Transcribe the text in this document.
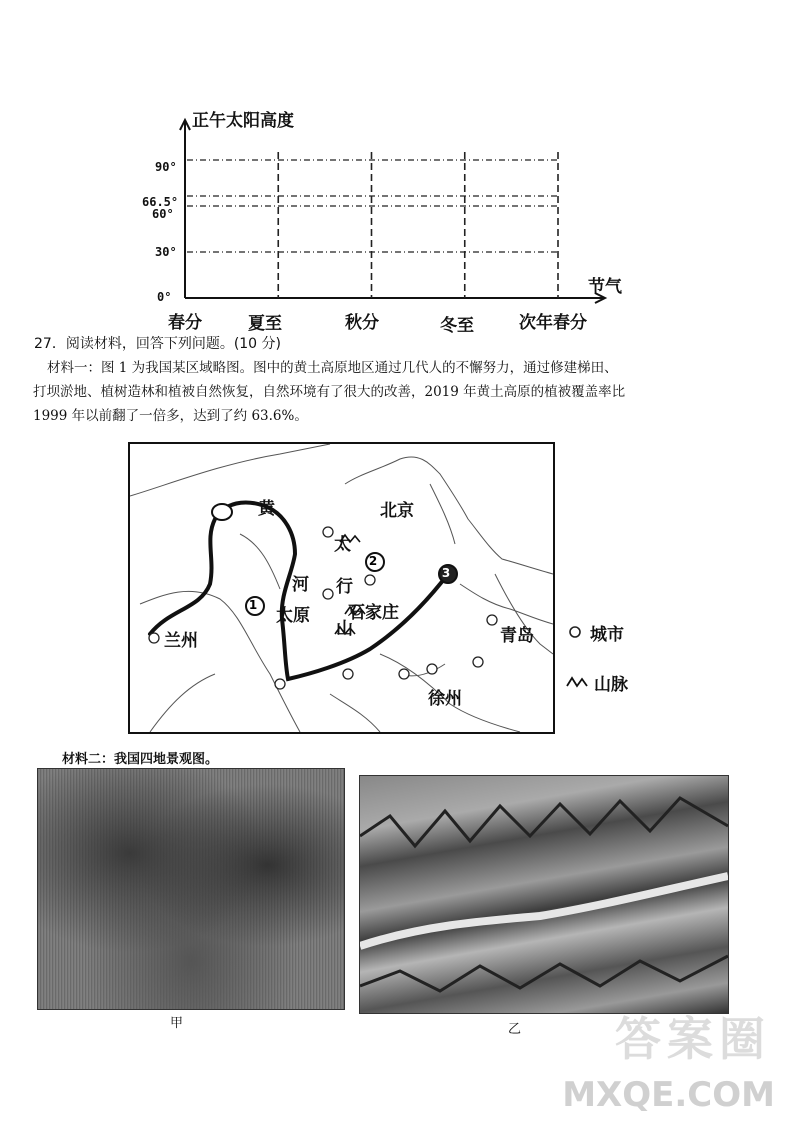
正午太阳高度
节气
90°
66.5°
60°
30°
0°
春分	夏至	秋分	冬至	次年春分
27．阅读材料，回答下列问题。(10 分)
材料一：图 1 为我国某区域略图。图中的黄土高原地区通过几代人的不懈努力，通过修建梯田、
打坝淤地、植树造林和植被自然恢复，自然环境有了很大的改善，2019 年黄土高原的植被覆盖率比
1999 年以前翻了一倍多，达到了约 63.6%。
黄
河
北京
太
行
山
太原 石家庄
兰州	青岛
徐州
1
2
3
城市
山脉
材料二：我国四地景观图。
甲	乙 答案圈
MXQE.COM
